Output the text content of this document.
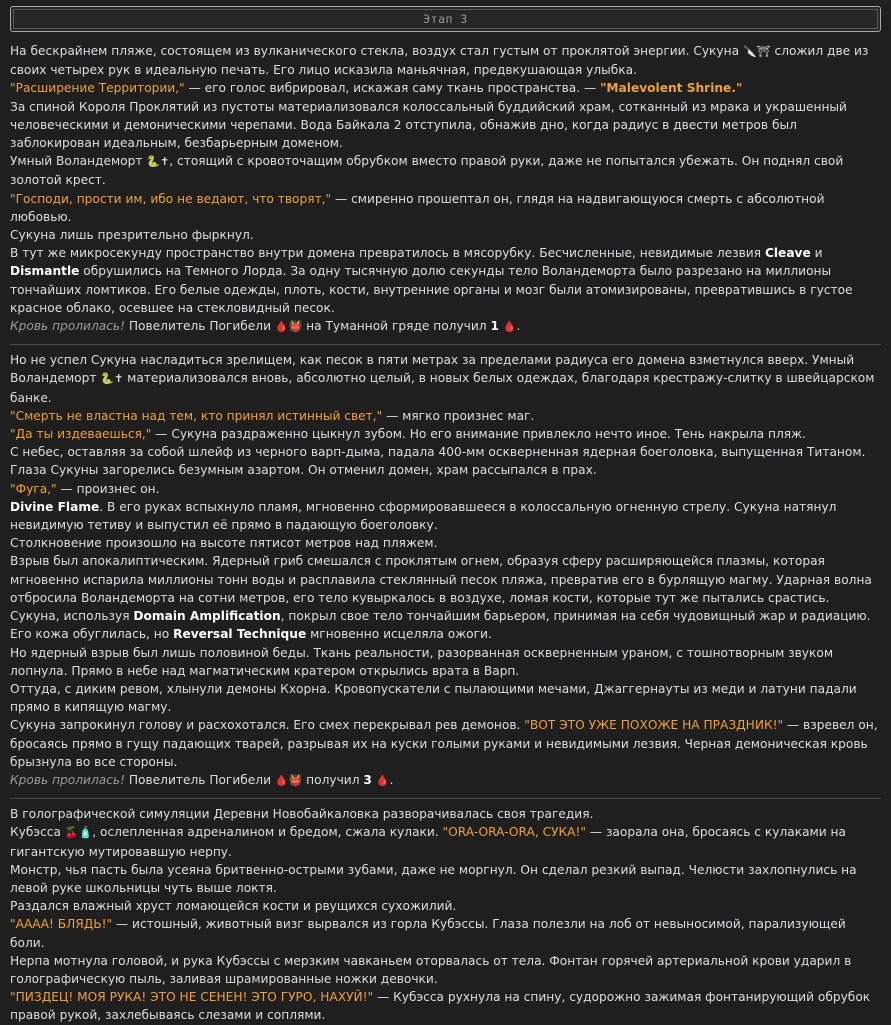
Этап 3

На бескрайнем пляже, состоящем из вулканического стекла, воздух стал густым от проклятой энергии. Сукуна 🔪⛩ сложил две из своих четырех рук в идеальную печать. Его лицо исказила маньячная, предвкушающая улыбка.

"Расширение Территории," — его голос вибрировал, искажая саму ткань пространства. — "Malevolent Shrine."

За спиной Короля Проклятий из пустоты материализовался колоссальный буддийский храм, сотканный из мрака и украшенный человеческими и демоническими черепами. Вода Байкала 2 отступила, обнажив дно, когда радиус в двести метров был заблокирован идеальным, безбарьерным доменом.

Умный Воландеморт 🐍✝, стоящий с кровоточащим обрубком вместо правой руки, даже не попытался убежать. Он поднял свой золотой крест.

"Господи, прости им, ибо не ведают, что творят," — смиренно прошептал он, глядя на надвигающуюся смерть с абсолютной любовью.

Сукуна лишь презрительно фыркнул.

В тут же микросекунду пространство внутри домена превратилось в мясорубку. Бесчисленные, невидимые лезвия Cleave и Dismantle обрушились на Темного Лорда. За одну тысячную долю секунды тело Воландеморта было разрезано на миллионы тончайших ломтиков. Его белые одежды, плоть, кости, внутренние органы и мозг были атомизированы, превратившись в густое красное облако, осевшее на стекловидный песок.

Кровь пролилась! Повелитель Погибели 🩸👹 на Туманной гряде получил 1 🩸.

Но не успел Сукуна насладиться зрелищем, как песок в пяти метрах за пределами радиуса его домена взметнулся вверх. Умный Воландеморт 🐍✝ материализовался вновь, абсолютно целый, в новых белых одеждах, благодаря крестражу-слитку в швейцарском банке.

"Смерть не властна над тем, кто принял истинный свет," — мягко произнес маг.

"Да ты издеваешься," — Сукуна раздраженно цыкнул зубом. Но его внимание привлекло нечто иное. Тень накрыла пляж.

С небес, оставляя за собой шлейф из черного варп-дыма, падала 400-мм оскверненная ядерная боеголовка, выпущенная Титаном.

Глаза Сукуны загорелись безумным азартом. Он отменил домен, храм рассыпался в прах.

"Фуга," — произнес он.

Divine Flame. В его руках вспыхнуло пламя, мгновенно сформировавшееся в колоссальную огненную стрелу. Сукуна натянул невидимую тетиву и выпустил её прямо в падающую боеголовку.

Столкновение произошло на высоте пятисот метров над пляжем.

Взрыв был апокалиптическим. Ядерный гриб смешался с проклятым огнем, образуя сферу расширяющейся плазмы, которая мгновенно испарила миллионы тонн воды и расплавила стеклянный песок пляжа, превратив его в бурлящую магму. Ударная волна отбросила Воландеморта на сотни метров, его тело кувыркалось в воздухе, ломая кости, которые тут же пытались срастись.

Сукуна, используя Domain Amplification, покрыл свое тело тончайшим барьером, принимая на себя чудовищный жар и радиацию. Его кожа обуглилась, но Reversal Technique мгновенно исцеляла ожоги.

Но ядерный взрыв был лишь половиной беды. Ткань реальности, разорванная оскверненным ураном, с тошнотворным звуком лопнула. Прямо в небе над магматическим кратером открылись врата в Варп.

Оттуда, с диким ревом, хлынули демоны Кхорна. Кровопускатели с пылающими мечами, Джаггернауты из меди и латуни падали прямо в кипящую магму.

Сукуна запрокинул голову и расхохотался. Его смех перекрывал рев демонов. "ВОТ ЭТО УЖЕ ПОХОЖЕ НА ПРАЗДНИК!" — взревел он, бросаясь прямо в гущу падающих тварей, разрывая их на куски голыми руками и невидимыми лезвия. Черная демоническая кровь брызнула во все стороны.

Кровь пролилась! Повелитель Погибели 🩸👹 получил 3 🩸.

В голографической симуляции Деревни Новобайкаловка разворачивалась своя трагедия.

Кубэсса 🍒🧴, ослепленная адреналином и бредом, сжала кулаки. "ORA-ORA-ORA, СУКА!" — заорала она, бросаясь с кулаками на гигантскую мутировавшую нерпу.

Монстр, чья пасть была усеяна бритвенно-острыми зубами, даже не моргнул. Он сделал резкий выпад. Челюсти захлопнулись на левой руке школьницы чуть выше локтя.

Раздался влажный хруст ломающейся кости и рвущихся сухожилий.

"АААА! БЛЯДЬ!" — истошный, животный визг вырвался из горла Кубэссы. Глаза полезли на лоб от невыносимой, парализующей боли.

Нерпа мотнула головой, и рука Кубэссы с мерзким чавканьем оторвалась от тела. Фонтан горячей артериальной крови ударил в голографическую пыль, заливая шрамированные ножки девочки.

"ПИЗДЕЦ! МОЯ РУКА! ЭТО НЕ СЕНЕН! ЭТО ГУРО, НАХУЙ!" — Кубэсса рухнула на спину, судорожно зажимая фонтанирующий обрубок правой рукой, захлебываясь слезами и соплями.
